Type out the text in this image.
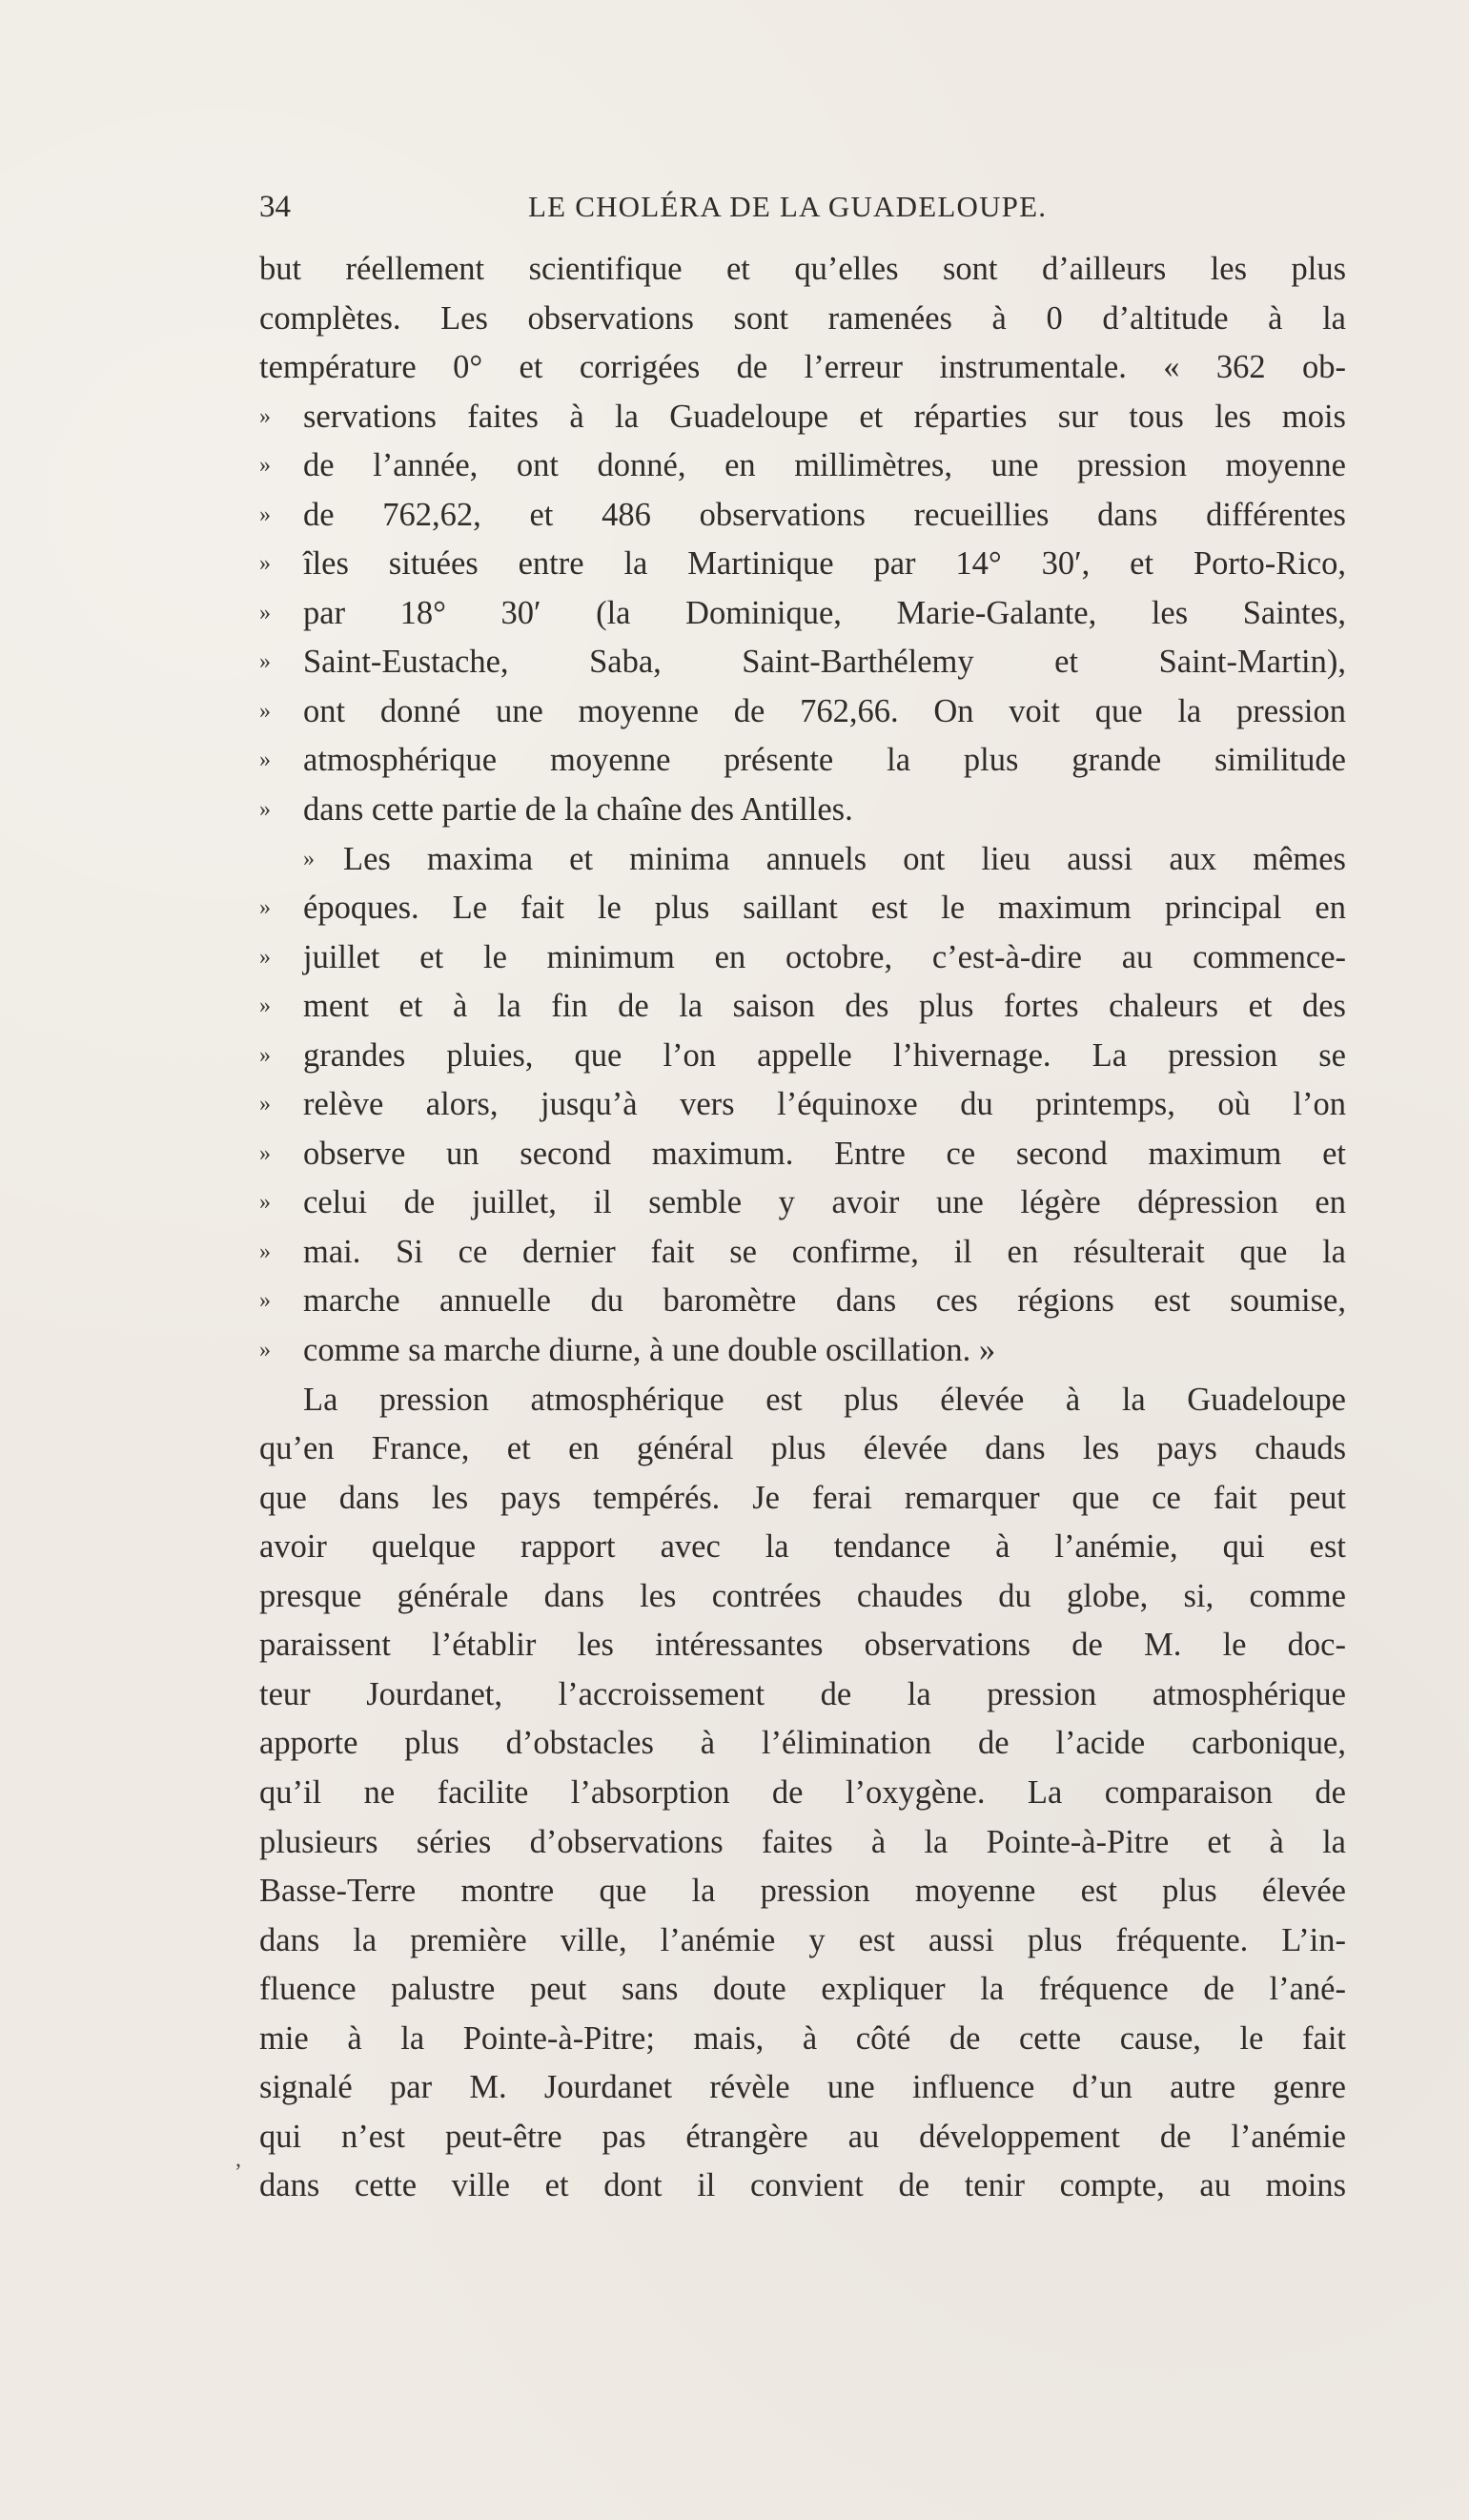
34	LE CHOLÉRA DE LA GUADELOUPE.
but réellement scientifique et qu’elles sont d’ailleurs les plus
complètes. Les observations sont ramenées à 0 d’altitude à la
température 0° et corrigées de l’erreur instrumentale. « 362 ob-
» servations faites à la Guadeloupe et réparties sur tous les mois
» de l’année, ont donné, en millimètres, une pression moyenne
» de 762,62, et 486 observations recueillies dans différentes
» îles situées entre la Martinique par 14° 30′, et Porto-Rico,
» par 18° 30′ (la Dominique, Marie-Galante, les Saintes,
» Saint-Eustache, Saba, Saint-Barthélemy et Saint-Martin),
» ont donné une moyenne de 762,66. On voit que la pression
» atmosphérique moyenne présente la plus grande similitude
» dans cette partie de la chaîne des Antilles.
» Les maxima et minima annuels ont lieu aussi aux mêmes
» époques. Le fait le plus saillant est le maximum principal en
» juillet et le minimum en octobre, c’est-à-dire au commence-
» ment et à la fin de la saison des plus fortes chaleurs et des
» grandes pluies, que l’on appelle l’hivernage. La pression se
» relève alors, jusqu’à vers l’équinoxe du printemps, où l’on
» observe un second maximum. Entre ce second maximum et
» celui de juillet, il semble y avoir une légère dépression en
» mai. Si ce dernier fait se confirme, il en résulterait que la
» marche annuelle du baromètre dans ces régions est soumise,
» comme sa marche diurne, à une double oscillation. »
La pression atmosphérique est plus élevée à la Guadeloupe
qu’en France, et en général plus élevée dans les pays chauds
que dans les pays tempérés. Je ferai remarquer que ce fait peut
avoir quelque rapport avec la tendance à l’anémie, qui est
presque générale dans les contrées chaudes du globe, si, comme
paraissent l’établir les intéressantes observations de M. le doc-
teur Jourdanet, l’accroissement de la pression atmosphérique
apporte plus d’obstacles à l’élimination de l’acide carbonique,
qu’il ne facilite l’absorption de l’oxygène. La comparaison de
plusieurs séries d’observations faites à la Pointe-à-Pitre et à la
Basse-Terre montre que la pression moyenne est plus élevée
dans la première ville, l’anémie y est aussi plus fréquente. L’in-
fluence palustre peut sans doute expliquer la fréquence de l’ané-
mie à la Pointe-à-Pitre; mais, à côté de cette cause, le fait
signalé par M. Jourdanet révèle une influence d’un autre genre
qui n’est peut-être pas étrangère au développement de l’anémie
dans cette ville et dont il convient de tenir compte, au moins
,
